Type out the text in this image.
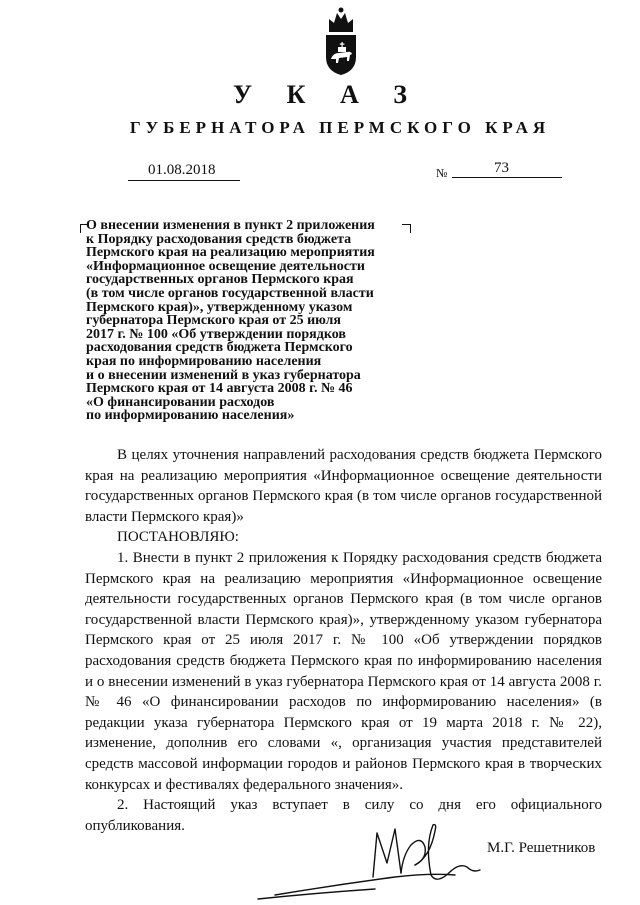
У К А З
ГУБЕРНАТОРА ПЕРМСКОГО КРАЯ
01.08.2018	№	73
О внесении изменения в пункт 2 приложения
к Порядку расходования средств бюджета
Пермского края на реализацию мероприятия
«Информационное освещение деятельности
государственных органов Пермского края
(в том числе органов государственной власти
Пермского края)», утвержденному указом
губернатора Пермского края от 25 июля
2017 г. № 100 «Об утверждении порядков
расходования средств бюджета Пермского
края по информированию населения
и о внесении изменений в указ губернатора
Пермского края от 14 августа 2008 г. № 46
«О финансировании расходов
по информированию населения»

В целях уточнения направлений расходования средств бюджета Пермского края на реализацию мероприятия «Информационное освещение деятельности государственных органов Пермского края (в том числе органов государственной власти Пермского края)»

ПОСТАНОВЛЯЮ:

1. Внести в пункт 2 приложения к Порядку расходования средств бюджета Пермского края на реализацию мероприятия «Информационное освещение деятельности государственных органов Пермского края (в том числе органов государственной власти Пермского края)», утвержденному указом губернатора Пермского края от 25 июля 2017 г. № 100 «Об утверждении порядков расходования средств бюджета Пермского края по информированию населения и о внесении изменений в указ губернатора Пермского края от 14 августа 2008 г. № 46 «О финансировании расходов по информированию населения» (в редакции указа губернатора Пермского края от 19 марта 2018 г. № 22), изменение, дополнив его словами «, организация участия представителей средств массовой информации городов и районов Пермского края в творческих конкурсах и фестивалях федерального значения».

2. Настоящий указ вступает в силу со дня его официального опубликования.

М.Г. Решетников
